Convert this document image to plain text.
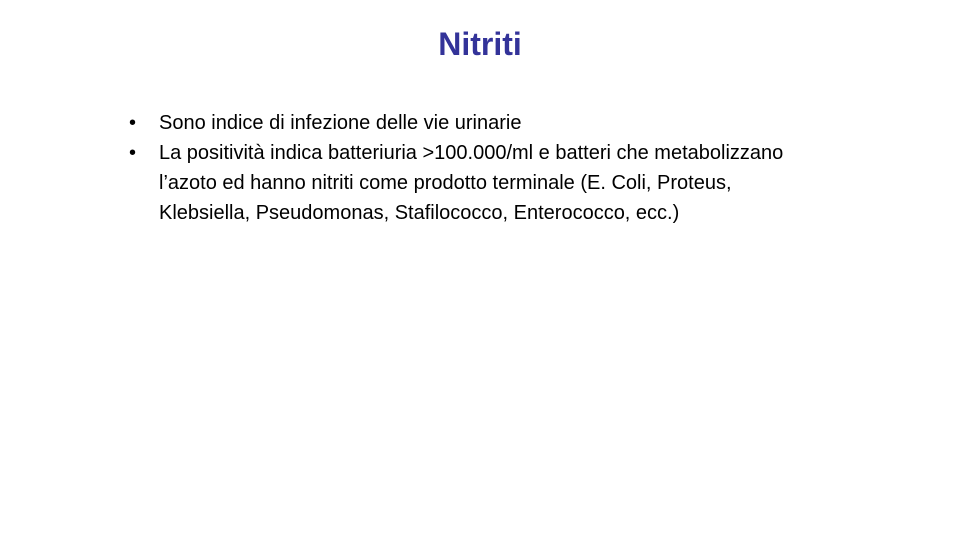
Nitriti
• Sono indice di infezione delle vie urinarie
• La positività indica batteriuria >100.000/ml e batteri che metabolizzano l’azoto ed hanno nitriti come prodotto terminale (E. Coli, Proteus, Klebsiella, Pseudomonas, Stafilococco, Enterococco, ecc.)
